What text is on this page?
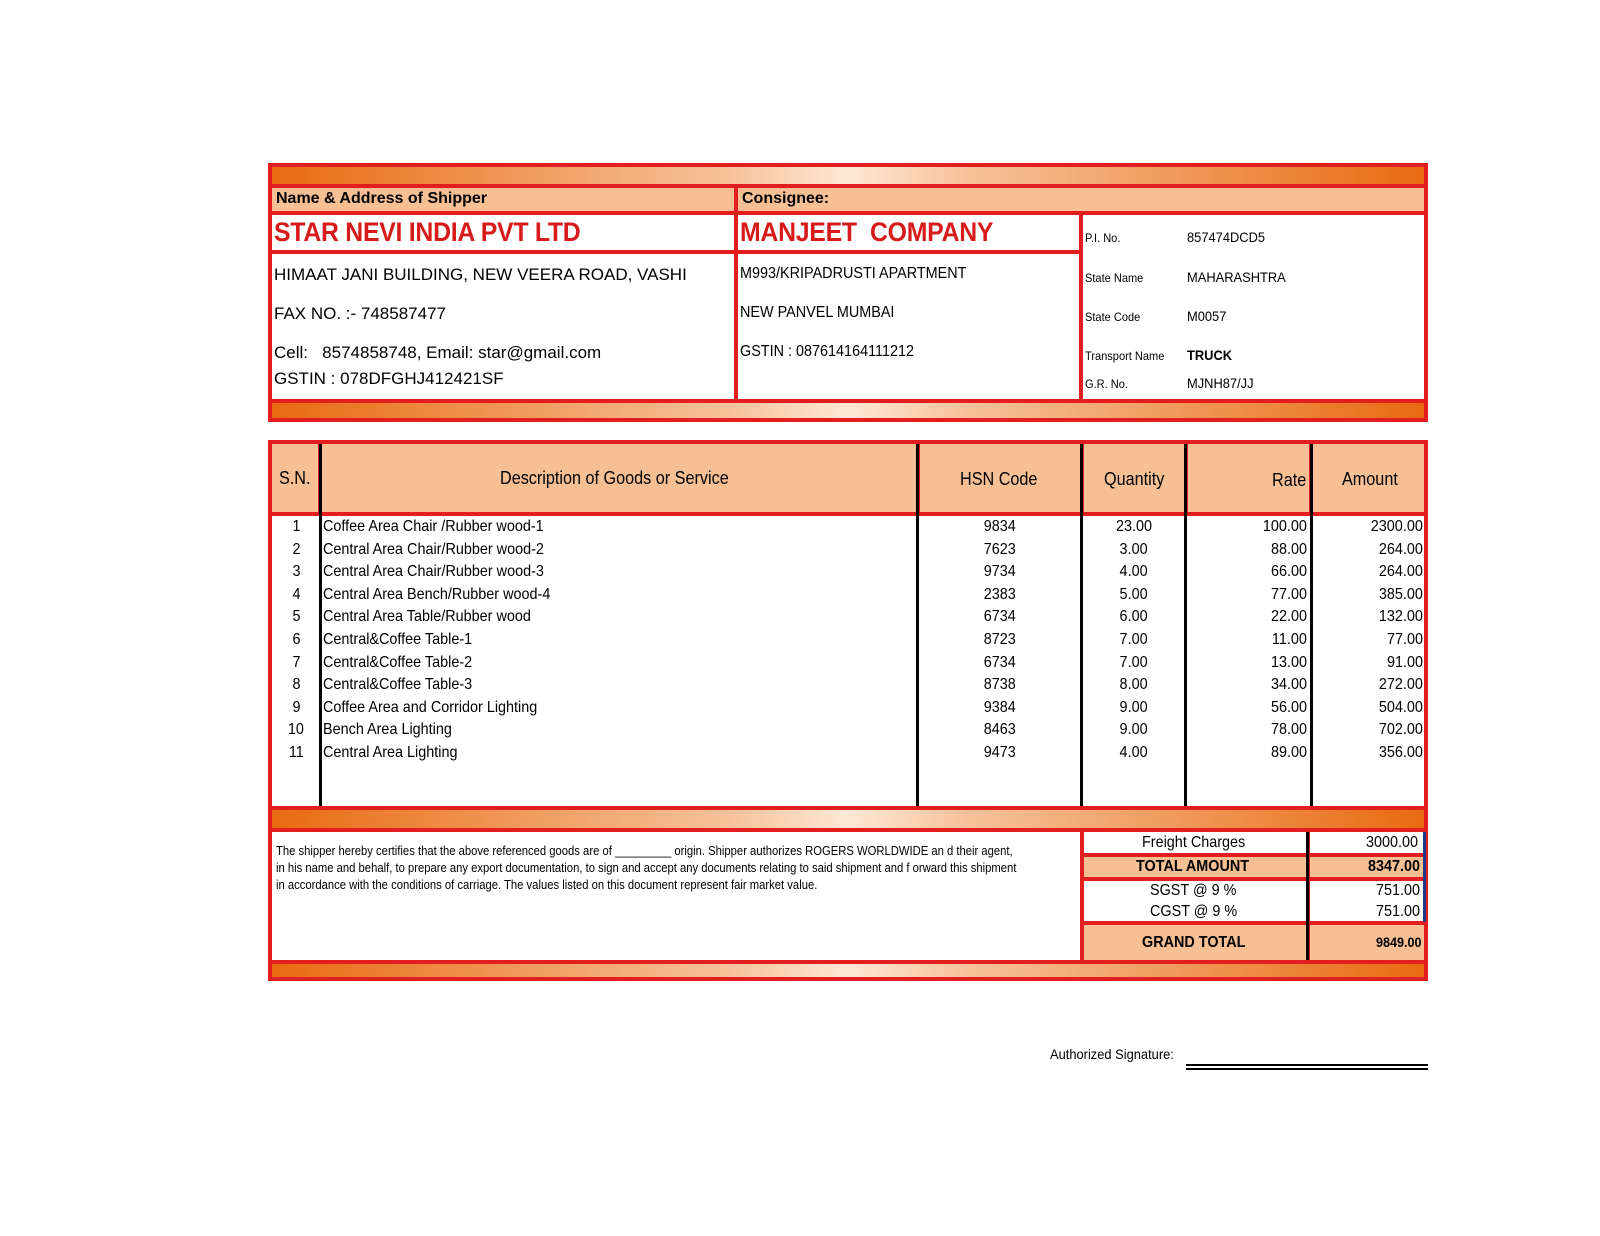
Name & Address of Shipper	Consignee:
STAR NEVI INDIA PVT LTD
HIMAAT JANI BUILDING, NEW VEERA ROAD, VASHI
FAX NO. :- 748587477
Cell:   8574858748, Email: star@gmail.com
GSTIN : 078DFGHJ412421SF
MANJEET  COMPANY
M993/KRIPADRUSTI APARTMENT
NEW PANVEL MUMBAI
GSTIN : 087614164111212
P.I. No.	857474DCD5
State Name	MAHARASHTRA
State Code	M0057
Transport Name TRUCK
G.R. No.	MJNH87/JJ
S.N.	Description of Goods or Service	HSN Code	Quantity	Rate Amount
1	Coffee Area Chair /Rubber wood-1	9834	23.00	100.00	2300.00
2	Central Area Chair/Rubber wood-2	7623	3.00	88.00	264.00
3	Central Area Chair/Rubber wood-3	9734	4.00	66.00	264.00
4	Central Area Bench/Rubber wood-4	2383	5.00	77.00	385.00
5	Central Area Table/Rubber wood	6734	6.00	22.00	132.00
6	Central&Coffee Table-1	8723	7.00	11.00	77.00
7	Central&Coffee Table-2	6734	7.00	13.00	91.00
8	Central&Coffee Table-3	8738	8.00	34.00	272.00
9	Coffee Area and Corridor Lighting	9384	9.00	56.00	504.00
10	Bench Area Lighting	8463	9.00	78.00	702.00
11	Central Area Lighting	9473	4.00	89.00	356.00
The shipper hereby certifies that the above referenced goods are of _________ origin. Shipper authorizes ROGERS WORLDWIDE an d their agent,
in his name and behalf, to prepare any export documentation, to sign and accept any documents relating to said shipment and f orward this shipment
in accordance with the conditions of carriage. The values listed on this document represent fair market value.
Freight Charges	3000.00
TOTAL AMOUNT	8347.00
SGST @ 9 %	751.00
CGST @ 9 %	751.00
GRAND TOTAL	9849.00
Authorized Signature:
